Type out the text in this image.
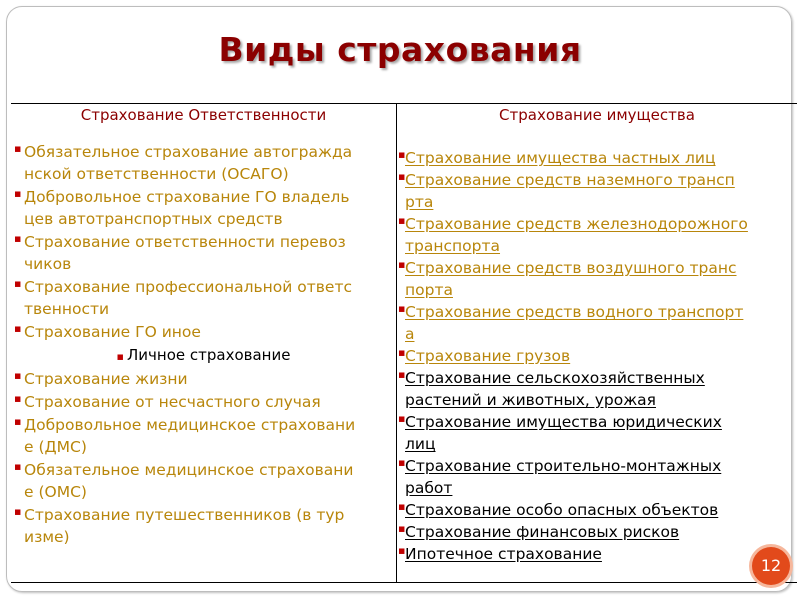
Виды страхования
Страхование Ответственности
▪ Обязательное страхование автогражда
нской ответственности (ОСАГО)
▪ Добровольное страхование ГО владель
цев автотранспортных средств
▪ Страхование ответственности перевоз
чиков
▪ Страхование профессиональной ответс
твенности
▪ Страхование ГО иное
▪ Личное страхование
▪ Страхование жизни
▪ Страхование от несчастного случая
▪ Добровольное медицинское страховани
е (ДМС)
▪ Обязательное медицинское страховани
е (ОМС)
▪ Страхование путешественников (в тур
изме)
Страхование имущества
▪ Страхование имущества частных лиц
▪ Страхование средств наземного трансп
рта
▪ Страхование средств железнодорожного
транспорта
▪ Страхование средств воздушного транс
порта
▪ Страхование средств водного транспорт
а
▪ Страхование грузов
▪ Страхование сельскохозяйственных
растений и животных, урожая
▪ Страхование имущества юридических
лиц
▪ Страхование строительно-монтажных
работ
▪ Страхование особо опасных объектов
▪ Страхование финансовых рисков
▪ Ипотечное страхование
12
